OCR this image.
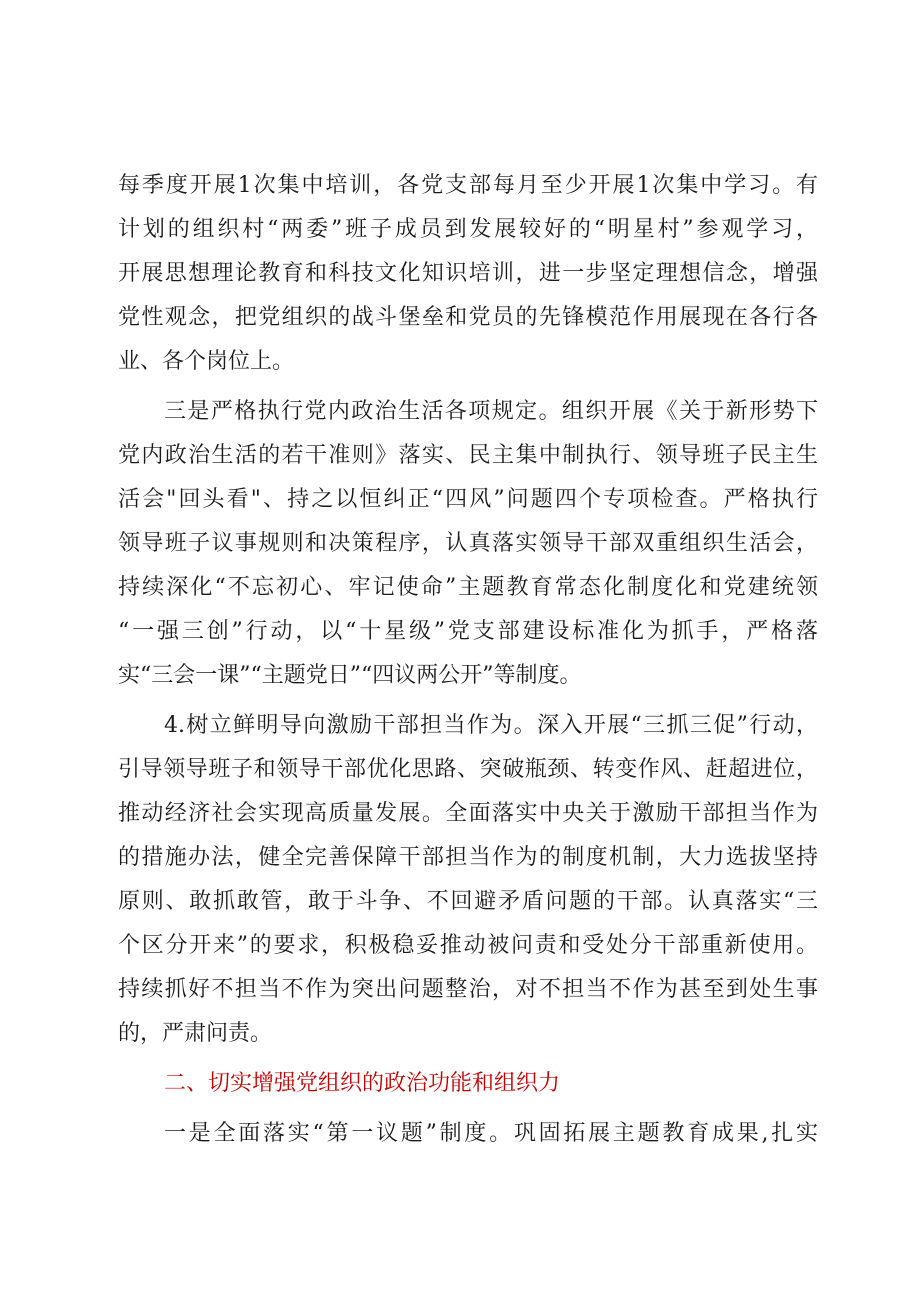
每季度开展1次集中培训，各党支部每月至少开展1次集中学习。有
计划的组织村“两委”班子成员到发展较好的“明星村”参观学习，
开展思想理论教育和科技文化知识培训，进一步坚定理想信念，增强
党性观念，把党组织的战斗堡垒和党员的先锋模范作用展现在各行各
业、各个岗位上。
三是严格执行党内政治生活各项规定。组织开展《关于新形势下
党内政治生活的若干准则》落实、民主集中制执行、领导班子民主生
活会"回头看"、持之以恒纠正“四风”问题四个专项检查。严格执行
领导班子议事规则和决策程序，认真落实领导干部双重组织生活会，
持续深化“不忘初心、牢记使命”主题教育常态化制度化和党建统领
“一强三创”行动，以“十星级”党支部建设标准化为抓手，严格落
实“三会一课”“主题党日”“四议两公开”等制度。
4.树立鲜明导向激励干部担当作为。深入开展“三抓三促”行动，
引导领导班子和领导干部优化思路、突破瓶颈、转变作风、赶超进位，
推动经济社会实现高质量发展。全面落实中央关于激励干部担当作为
的措施办法，健全完善保障干部担当作为的制度机制，大力选拔坚持
原则、敢抓敢管，敢于斗争、不回避矛盾问题的干部。认真落实“三
个区分开来”的要求，积极稳妥推动被问责和受处分干部重新使用。
持续抓好不担当不作为突出问题整治，对不担当不作为甚至到处生事
的，严肃问责。
二、切实增强党组织的政治功能和组织力
一是全面落实“第一议题”制度。巩固拓展主题教育成果,扎实
